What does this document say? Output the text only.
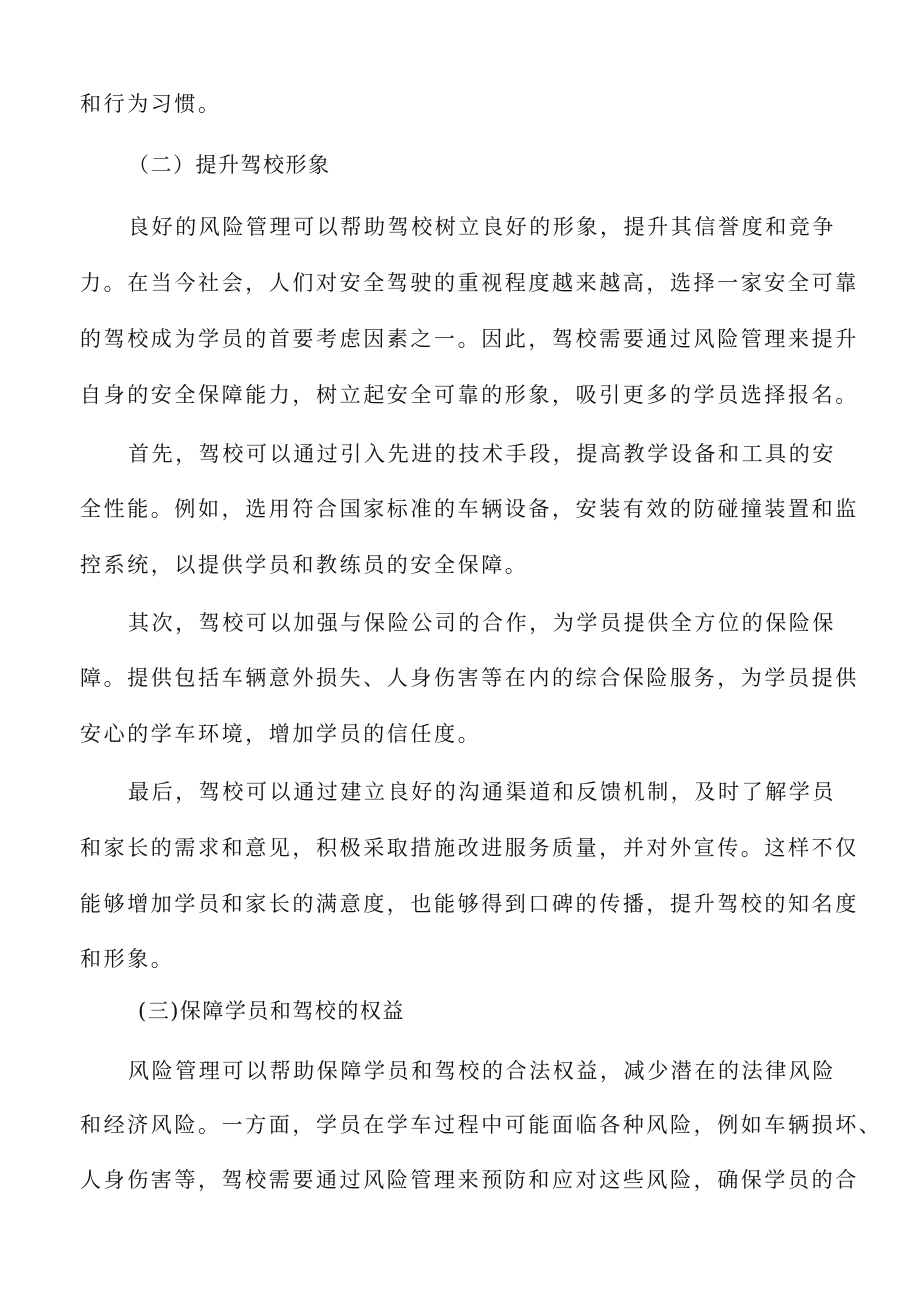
和行为习惯。

（二）提升驾校形象

良好的风险管理可以帮助驾校树立良好的形象，提升其信誉度和竞争

力。在当今社会，人们对安全驾驶的重视程度越来越高，选择一家安全可靠

的驾校成为学员的首要考虑因素之一。因此，驾校需要通过风险管理来提升

自身的安全保障能力，树立起安全可靠的形象，吸引更多的学员选择报名。

首先，驾校可以通过引入先进的技术手段，提高教学设备和工具的安

全性能。例如，选用符合国家标准的车辆设备，安装有效的防碰撞装置和监

控系统，以提供学员和教练员的安全保障。

其次，驾校可以加强与保险公司的合作，为学员提供全方位的保险保

障。提供包括车辆意外损失、人身伤害等在内的综合保险服务，为学员提供

安心的学车环境，增加学员的信任度。

最后，驾校可以通过建立良好的沟通渠道和反馈机制，及时了解学员

和家长的需求和意见，积极采取措施改进服务质量，并对外宣传。这样不仅

能够增加学员和家长的满意度，也能够得到口碑的传播，提升驾校的知名度

和形象。

(三)保障学员和驾校的权益

风险管理可以帮助保障学员和驾校的合法权益，减少潜在的法律风险

和经济风险。一方面，学员在学车过程中可能面临各种风险，例如车辆损坏、

人身伤害等，驾校需要通过风险管理来预防和应对这些风险，确保学员的合
